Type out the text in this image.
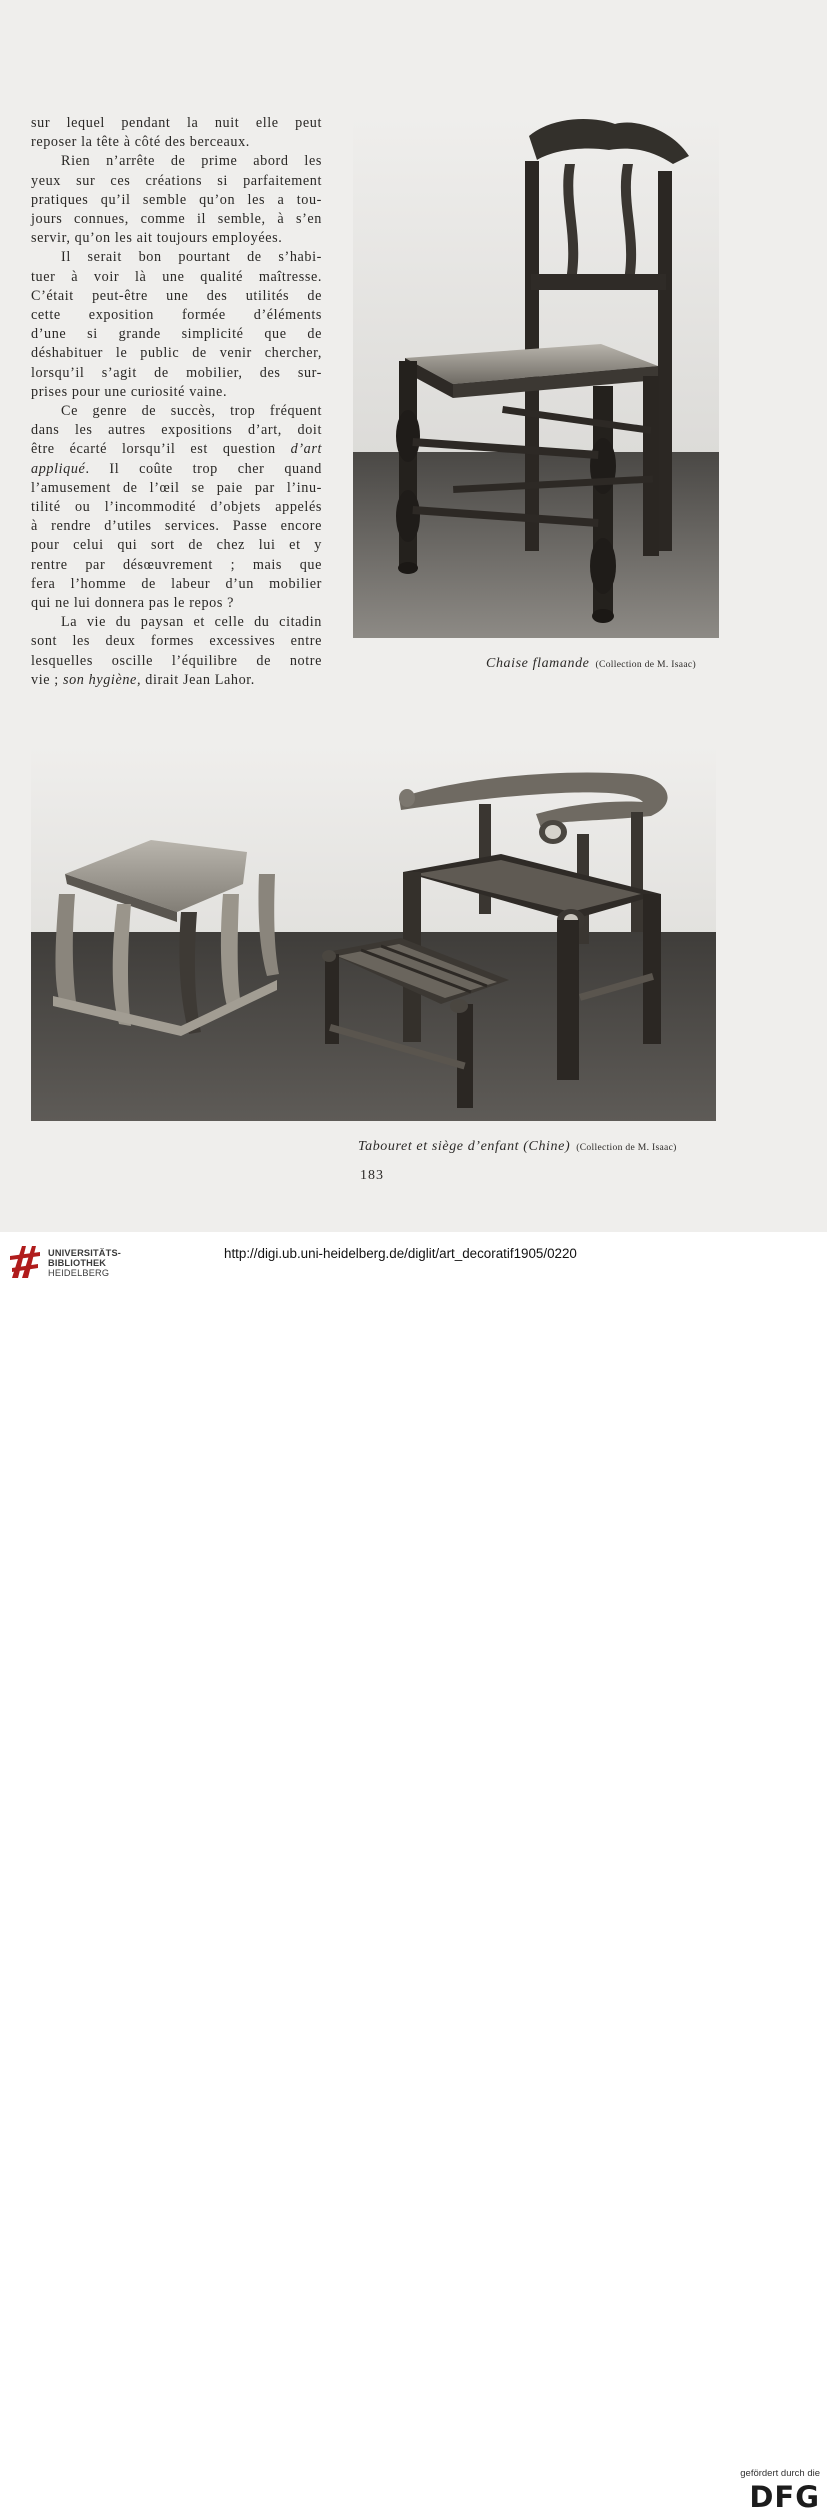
sur lequel pendant la nuit elle peut

reposer la tête à côté des berceaux.

Rien n’arrête de prime abord les

yeux sur ces créations si parfaitement

pratiques qu’il semble qu’on les a tou-

jours connues, comme il semble, à s’en

servir, qu’on les ait toujours employées.

Il serait bon pourtant de s’habi-

tuer à voir là une qualité maîtresse.

C’était peut-être une des utilités de

cette exposition formée d’éléments

d’une si grande simplicité que de

déshabituer le public de venir chercher,

lorsqu’il s’agit de mobilier, des sur-

prises pour une curiosité vaine.

Ce genre de succès, trop fréquent

dans les autres expositions d’art, doit

être écarté lorsqu’il est question d’art

appliqué. Il coûte trop cher quand

l’amusement de l’œil se paie par l’inu-

tilité ou l’incommodité d’objets appelés

à rendre d’utiles services. Passe encore

pour celui qui sort de chez lui et y

rentre par désœuvrement ; mais que

fera l’homme de labeur d’un mobilier

qui ne lui donnera pas le repos ?

La vie du paysan et celle du citadin

sont les deux formes excessives entre

lesquelles oscille l’équilibre de notre

vie ; son hygiène, dirait Jean Lahor.

Chaise flamande (Collection de M. Isaac)
Tabouret et siège d’enfant (Chine) (Collection de M. Isaac)
183
UNIVERSITÄTS-
BIBLIOTHEK
HEIDELBERG
gefördert durch die
DFG
http://digi.ub.uni-heidelberg.de/diglit/art_decoratif1905/0220
